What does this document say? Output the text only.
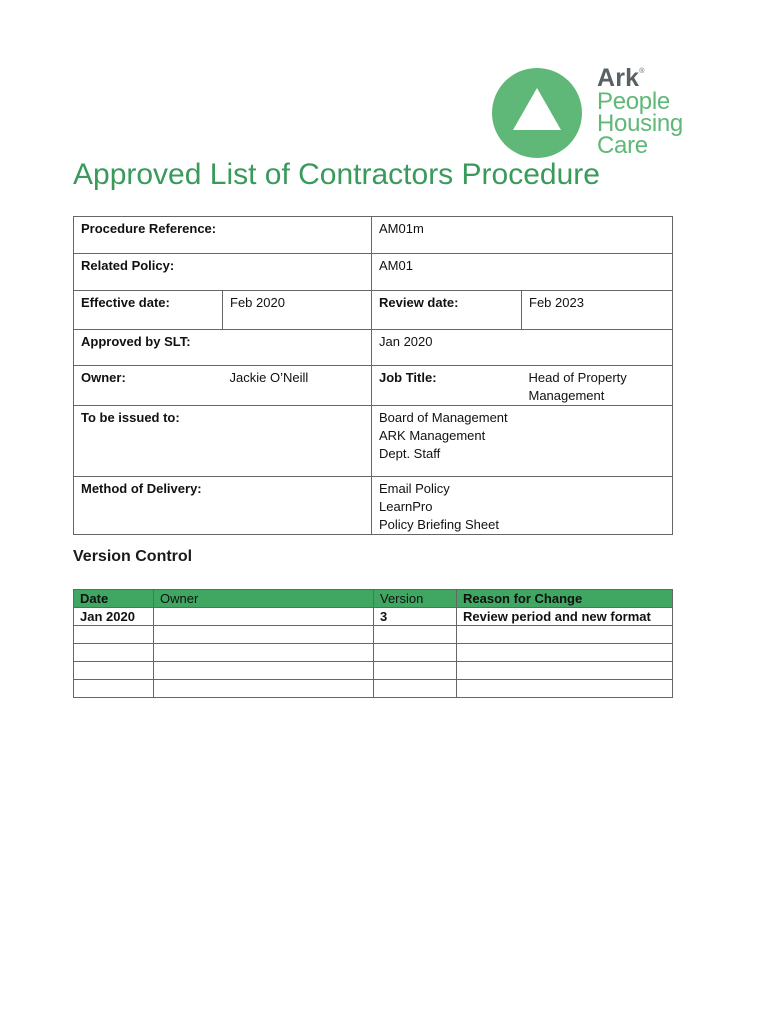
Ark®
People
Housing
Care
Approved List of Contractors Procedure
Procedure Reference:		AM01m	
Related Policy:		AM01	
Effective date:	Feb 2020	Review date:	Feb 2023
Approved by SLT:		Jan 2020	
Owner:	Jackie O’Neill	Job Title:	Head of Property
Management
To be issued to:		Board of Management
ARK Management
Dept. Staff	
Method of Delivery:		Email Policy
LearnPro
Policy Briefing Sheet	
Version Control
Date	Owner	Version	Reason for Change
Jan 2020		3	Review period and new format
